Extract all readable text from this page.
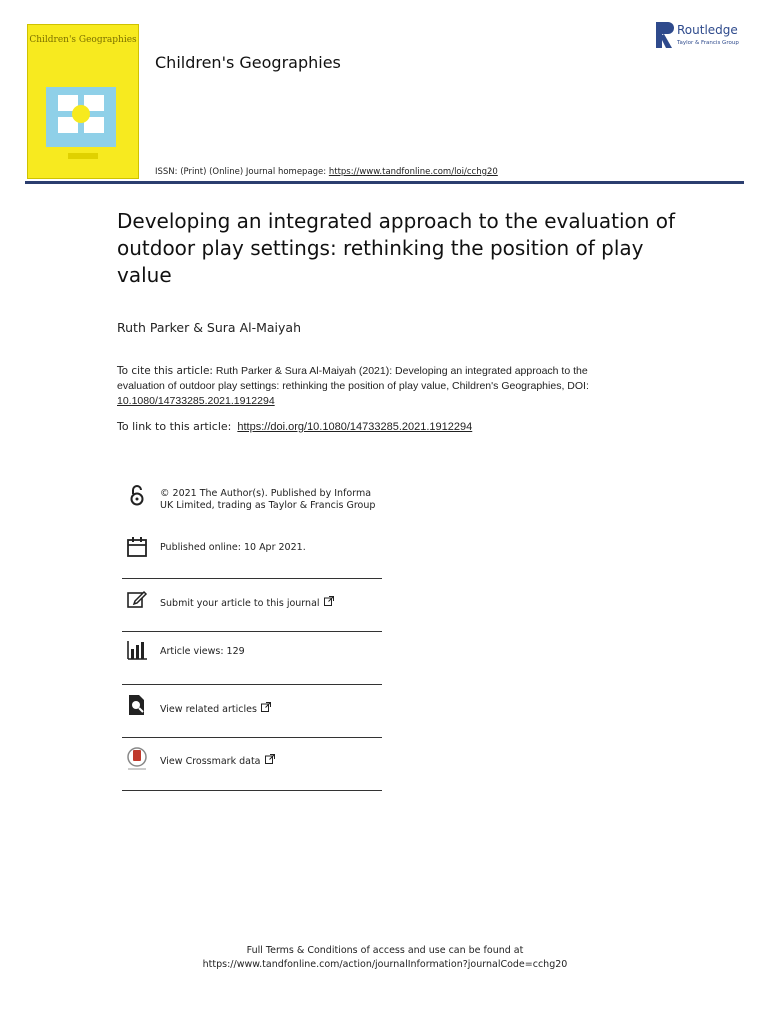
Children's Geographies
Children's Geographies
ISSN: (Print) (Online) Journal homepage: https://www.tandfonline.com/loi/cchg20
Routledge
Taylor & Francis Group
Developing an integrated approach to the evaluation of outdoor play settings: rethinking the position of play value
Ruth Parker & Sura Al-Maiyah
To cite this article: Ruth Parker & Sura Al-Maiyah (2021): Developing an integrated approach to the evaluation of outdoor play settings: rethinking the position of play value, Children's Geographies, DOI: 10.1080/14733285.2021.1912294
To link to this article: https://doi.org/10.1080/14733285.2021.1912294
© 2021 The Author(s). Published by Informa UK Limited, trading as Taylor & Francis Group
Published online: 10 Apr 2021.
Submit your article to this journal
Article views: 129
View related articles
View Crossmark data
Full Terms & Conditions of access and use can be found at
https://www.tandfonline.com/action/journalInformation?journalCode=cchg20
